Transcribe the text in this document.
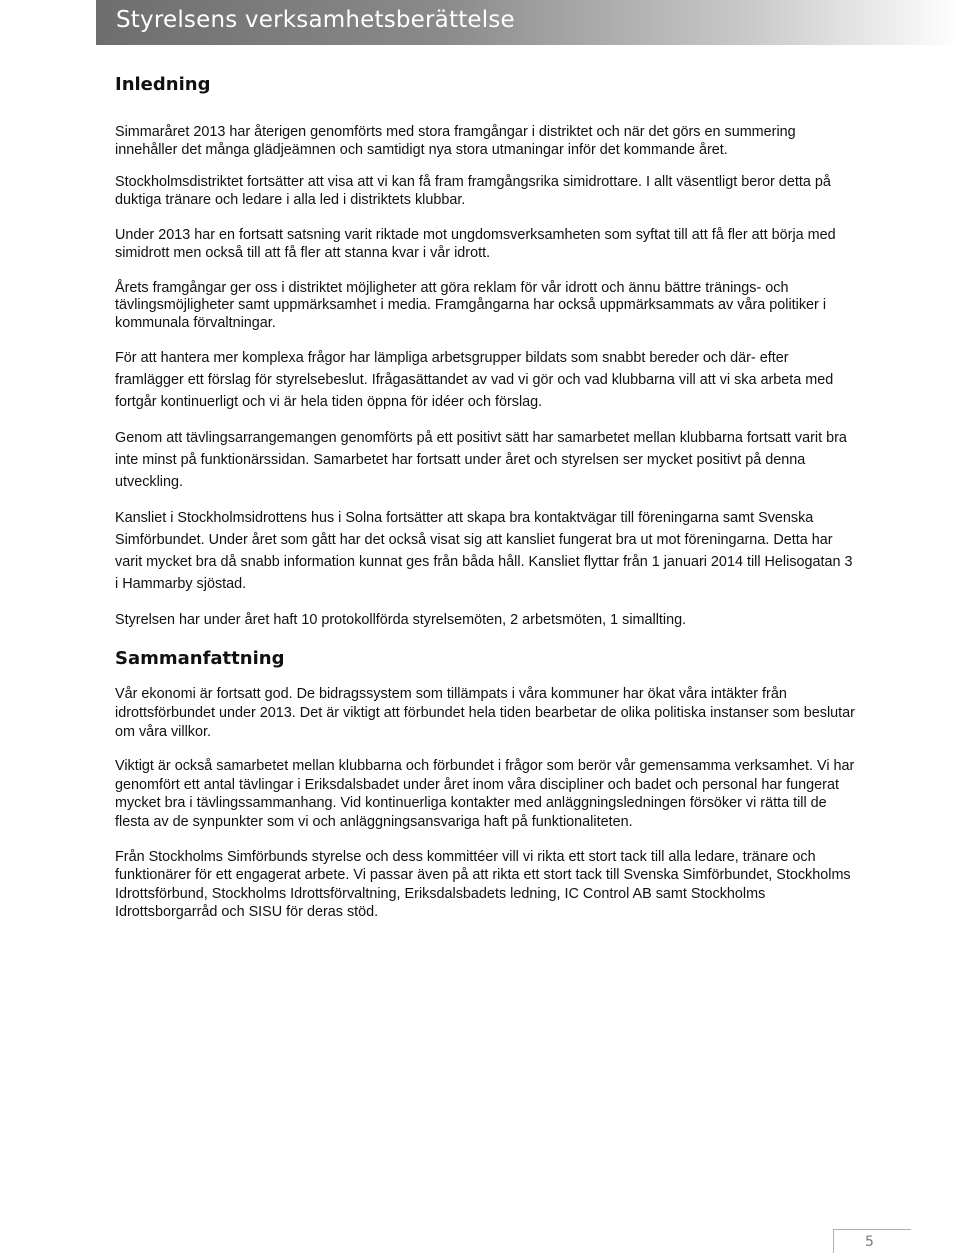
Styrelsens verksamhetsberättelse
Inledning

Simmaråret 2013 har återigen genomförts med stora framgångar i distriktet och när det görs en summering innehåller det många glädjeämnen och samtidigt nya stora utmaningar inför det kommande året.

Stockholmsdistriktet fortsätter att visa att vi kan få fram framgångsrika simidrottare. I allt väsentligt beror detta på duktiga tränare och ledare i alla led i distriktets klubbar.

Under 2013 har en fortsatt satsning varit riktade mot ungdomsverksamheten som syftat till att få fler att börja med simidrott men också till att få fler att stanna kvar i vår idrott.

Årets framgångar ger oss i distriktet möjligheter att göra reklam för vår idrott och ännu bättre tränings- och tävlingsmöjligheter samt uppmärksamhet i media. Framgångarna har också uppmärksammats av våra politiker i kommunala förvaltningar.

För att hantera mer komplexa frågor har lämpliga arbetsgrupper bildats som snabbt bereder och där- efter framlägger ett förslag för styrelsebeslut. Ifrågasättandet av vad vi gör och vad klubbarna vill att vi ska arbeta med fortgår kontinuerligt och vi är hela tiden öppna för idéer och förslag.

Genom att tävlingsarrangemangen genomförts på ett positivt sätt har samarbetet mellan klubbarna fortsatt varit bra inte minst på funktionärssidan. Samarbetet har fortsatt under året och styrelsen ser mycket positivt på denna utveckling.

Kansliet i Stockholmsidrottens hus i Solna fortsätter att skapa bra kontaktvägar till föreningarna samt Svenska Simförbundet. Under året som gått har det också visat sig att kansliet fungerat bra ut mot föreningarna. Detta har varit mycket bra då snabb information kunnat ges från båda håll. Kansliet flyttar från 1 januari 2014 till Helisogatan 3 i Hammarby sjöstad.

Styrelsen har under året haft 10 protokollförda styrelsemöten, 2 arbetsmöten, 1 simallting.

Sammanfattning

Vår ekonomi är fortsatt god. De bidragssystem som tillämpats i våra kommuner har ökat våra intäkter från idrottsförbundet under 2013. Det är viktigt att förbundet hela tiden bearbetar de olika politiska instanser som beslutar om våra villkor.

Viktigt är också samarbetet mellan klubbarna och förbundet i frågor som berör vår gemensamma verksamhet. Vi har genomfört ett antal tävlingar i Eriksdalsbadet under året inom våra discipliner och badet och personal har fungerat mycket bra i tävlingssammanhang. Vid kontinuerliga kontakter med anläggningsledningen försöker vi rätta till de flesta av de synpunkter som vi och anläggningsansvariga haft på funktionaliteten.

Från Stockholms Simförbunds styrelse och dess kommittéer vill vi rikta ett stort tack till alla ledare, tränare och funktionärer för ett engagerat arbete. Vi passar även på att rikta ett stort tack till Svenska Simförbundet, Stockholms Idrottsförbund, Stockholms Idrottsförvaltning, Eriksdalsbadets ledning, IC Control AB samt Stockholms Idrottsborgarråd och SISU för deras stöd.

5
